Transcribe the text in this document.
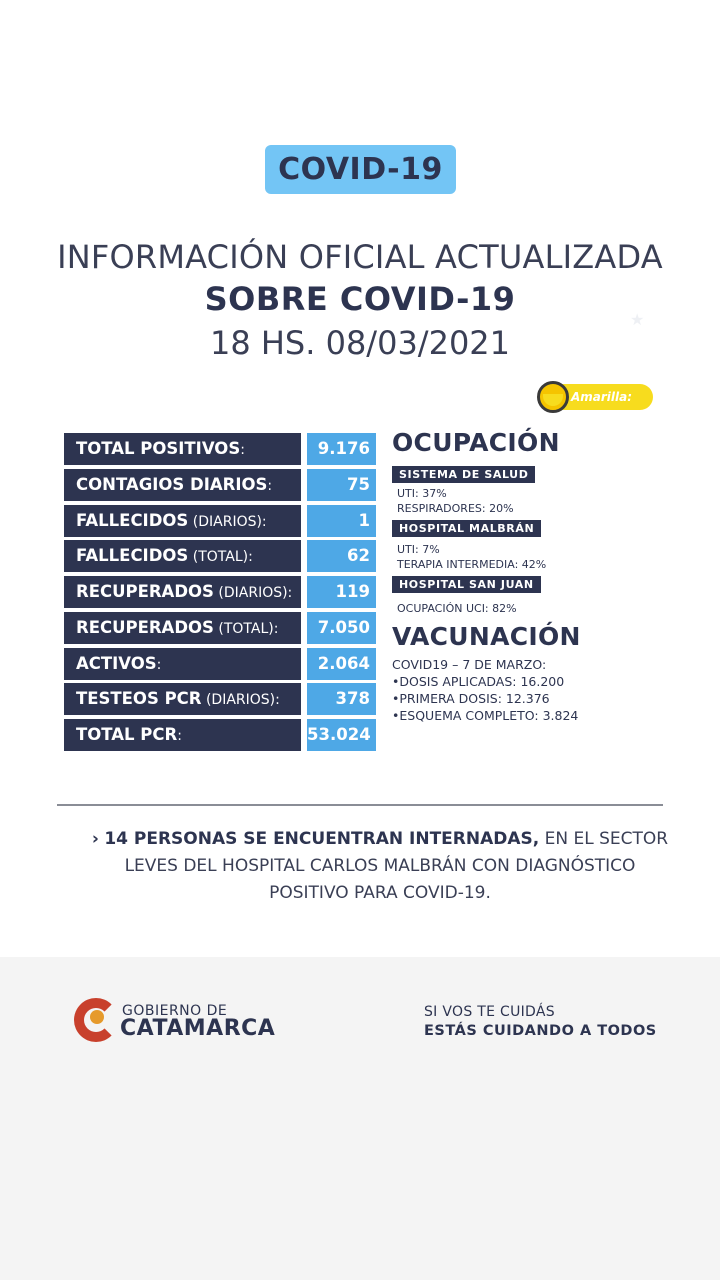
COVID-19
INFORMACIÓN OFICIAL ACTUALIZADA
SOBRE COVID-19
18 HS. 08/03/2021
★
Amarilla:
TOTAL POSITIVOS:	9.176
CONTAGIOS DIARIOS:	75
FALLECIDOS (DIARIOS):	1
FALLECIDOS (TOTAL):	62
RECUPERADOS (DIARIOS):	119
RECUPERADOS (TOTAL):	7.050
ACTIVOS:	2.064
TESTEOS PCR (DIARIOS):	378
TOTAL PCR:	53.024
OCUPACIÓN
SISTEMA DE SALUD
UTI: 37%
RESPIRADORES: 20%
HOSPITAL MALBRÁN
UTI: 7%
TERAPIA INTERMEDIA: 42%
HOSPITAL SAN JUAN
OCUPACIÓN UCI: 82%
VACUNACIÓN
COVID19 – 7 DE MARZO:
•DOSIS APLICADAS: 16.200
•PRIMERA DOSIS: 12.376
•ESQUEMA COMPLETO: 3.824
› 14 PERSONAS SE ENCUENTRAN INTERNADAS, EN EL SECTOR
LEVES DEL HOSPITAL CARLOS MALBRÁN CON DIAGNÓSTICO
POSITIVO PARA COVID-19.
GOBIERNO DE
CATAMARCA
SI VOS TE CUIDÁS
ESTÁS CUIDANDO A TODOS
